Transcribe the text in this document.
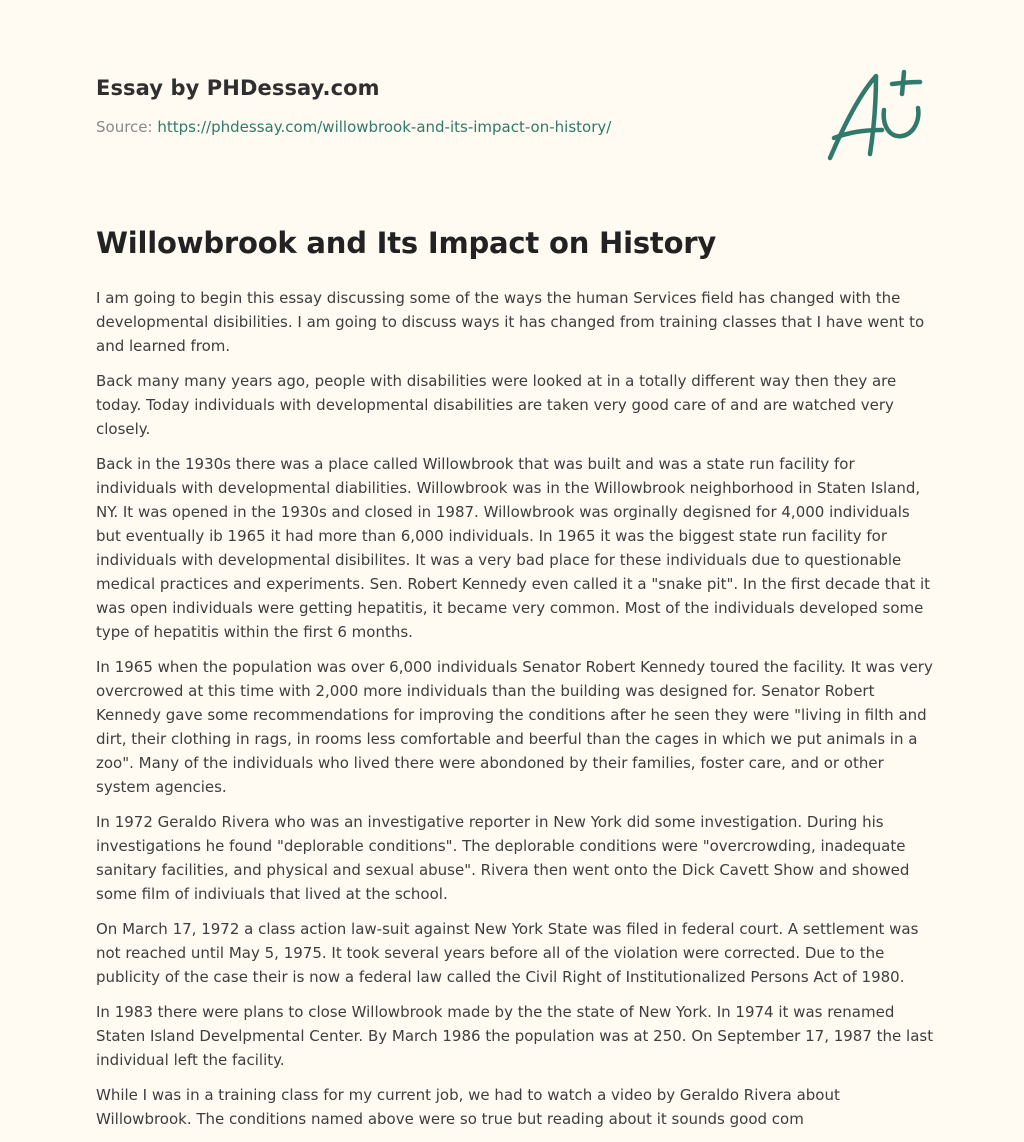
Essay by PHDessay.com
Source: https://phdessay.com/willowbrook-and-its-impact-on-history/
Willowbrook and Its Impact on History

I am going to begin this essay discussing some of the ways the human Services field has changed with the developmental disibilities. I am going to discuss ways it has changed from training classes that I have went to and learned from.

Back many many years ago, people with disabilities were looked at in a totally different way then they are today. Today individuals with developmental disabilities are taken very good care of and are watched very closely.

Back in the 1930s there was a place called Willowbrook that was built and was a state run facility for individuals with developmental diabilities. Willowbrook was in the Willowbrook neighborhood in Staten Island, NY. It was opened in the 1930s and closed in 1987. Willowbrook was orginally degisned for 4,000 individuals but eventually ib 1965 it had more than 6,000 individuals. In 1965 it was the biggest state run facility for individuals with developmental disibilites. It was a very bad place for these individuals due to questionable medical practices and experiments. Sen. Robert Kennedy even called it a "snake pit". In the first decade that it was open individuals were getting hepatitis, it became very common. Most of the individuals developed some type of hepatitis within the first 6 months.

In 1965 when the population was over 6,000 individuals Senator Robert Kennedy toured the facility. It was very overcrowed at this time with 2,000 more individuals than the building was designed for. Senator Robert Kennedy gave some recommendations for improving the conditions after he seen they were "living in filth and dirt, their clothing in rags, in rooms less comfortable and beerful than the cages in which we put animals in a zoo". Many of the individuals who lived there were abondoned by their families, foster care, and or other system agencies.

In 1972 Geraldo Rivera who was an investigative reporter in New York did some investigation. During his investigations he found "deplorable conditions". The deplorable conditions were "overcrowding, inadequate sanitary facilities, and physical and sexual abuse". Rivera then went onto the Dick Cavett Show and showed some film of indiviuals that lived at the school.

On March 17, 1972 a class action law-suit against New York State was filed in federal court. A settlement was not reached until May 5, 1975. It took several years before all of the violation were corrected. Due to the publicity of the case their is now a federal law called the Civil Right of Institutionalized Persons Act of 1980.

In 1983 there were plans to close Willowbrook made by the the state of New York. In 1974 it was renamed Staten Island Develpmental Center. By March 1986 the population was at 250. On September 17, 1987 the last individual left the facility.

While I was in a training class for my current job, we had to watch a video by Geraldo Rivera about Willowbrook. The conditions named above were so true but reading about it sounds good com
